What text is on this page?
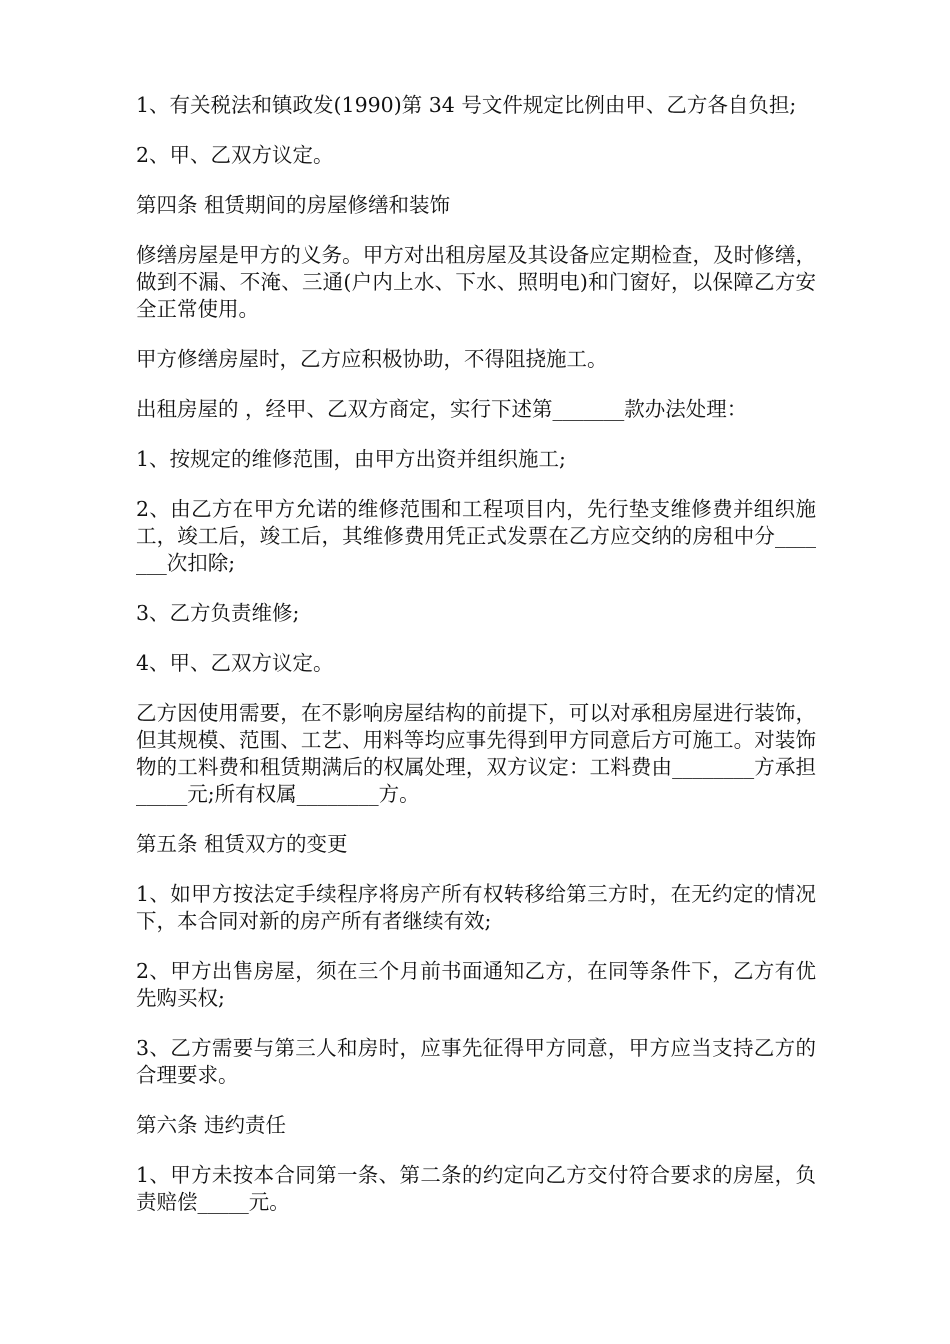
1、有关税法和镇政发(1990)第 34 号文件规定比例由甲、乙方各自负担;

2、甲、乙双方议定。

第四条 租赁期间的房屋修缮和装饰

修缮房屋是甲方的义务。甲方对出租房屋及其设备应定期检查，及时修缮，做到不漏、不淹、三通(户内上水、下水、照明电)和门窗好，以保障乙方安全正常使用。

甲方修缮房屋时，乙方应积极协助，不得阻挠施工。

出租房屋的 ，经甲、乙双方商定，实行下述第_______款办法处理：

1、按规定的维修范围，由甲方出资并组织施工;

2、由乙方在甲方允诺的维修范围和工程项目内，先行垫支维修费并组织施工，竣工后，竣工后，其维修费用凭正式发票在乙方应交纳的房租中分_______次扣除;

3、乙方负责维修;

4、甲、乙双方议定。

乙方因使用需要，在不影响房屋结构的前提下，可以对承租房屋进行装饰，但其规模、范围、工艺、用料等均应事先得到甲方同意后方可施工。对装饰物的工料费和租赁期满后的权属处理，双方议定：工料费由________方承担_____元;所有权属________方。

第五条 租赁双方的变更

1、如甲方按法定手续程序将房产所有权转移给第三方时，在无约定的情况下，本合同对新的房产所有者继续有效;

2、甲方出售房屋，须在三个月前书面通知乙方，在同等条件下，乙方有优先购买权;

3、乙方需要与第三人和房时，应事先征得甲方同意，甲方应当支持乙方的合理要求。

第六条 违约责任

1、甲方未按本合同第一条、第二条的约定向乙方交付符合要求的房屋，负责赔偿_____元。
